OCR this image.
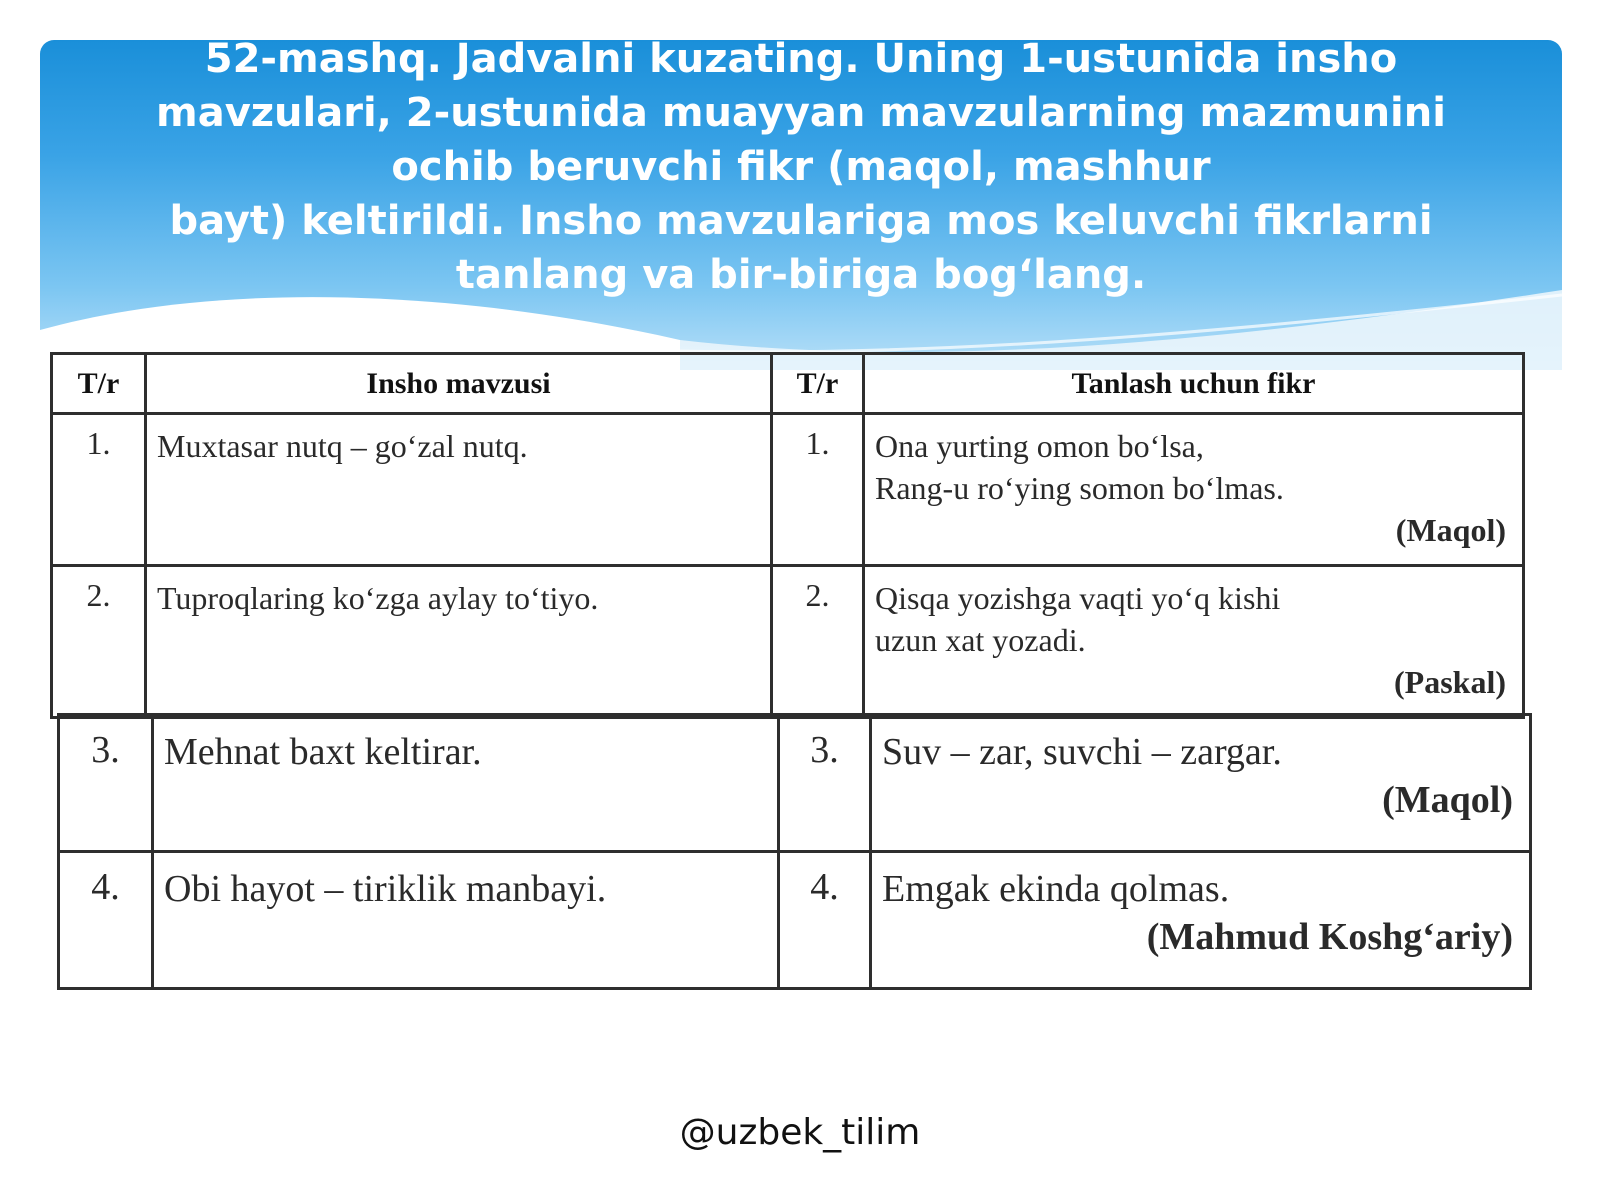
52-mashq. Jadvalni kuzating. Uning 1-ustunida insho
mavzulari, 2-ustunida muayyan mavzularning mazmunini
ochib beruvchi fikr (maqol, mashhur
bayt) keltirildi. Insho mavzulariga mos keluvchi fikrlarni
tanlang va bir-biriga bog‘lang.
T/r	Insho mavzusi	T/r	Tanlash uchun fikr
1.	Muxtasar nutq – go‘zal nutq.	1.	Ona yurting omon bo‘lsa,
Rang-u ro‘ying somon bo‘lmas.
(Maqol)

2.	Tuproqlaring ko‘zga aylay to‘tiyo.	2.	Qisqa yozishga vaqti yo‘q kishi
uzun xat yozadi.
(Paskal)
3.	Mehnat baxt keltirar.	3.	Suv – zar, suvchi – zargar.
(Maqol)

4.	Obi hayot – tiriklik manbayi.	4.	Emgak ekinda qolmas.
(Mahmud Koshg‘ariy)
@uzbek_tilim
